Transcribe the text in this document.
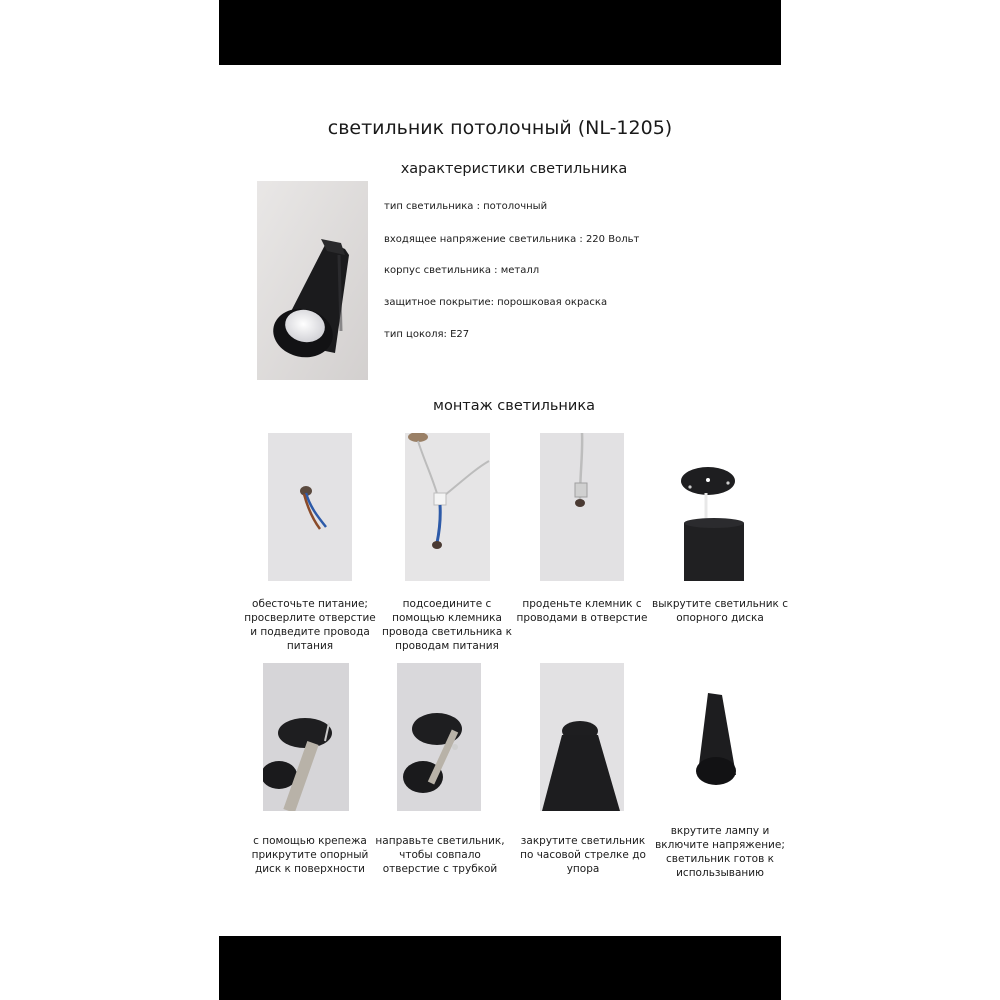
светильник потолочный (NL-1205)
характеристики светильника
тип светильника : потолочный
входящее напряжение светильника : 220 Вольт
корпус светильника : металл
защитное покрытие: порошковая окраска
тип цоколя: Е27
монтаж светильника
обесточьте питание; просверлите отверстие и подведите провода питания
подсоедините с помощью клемника провода светильника к проводам питания
проденьте клемник с проводами в отверстие
выкрутите светильник с опорного диска
с помощью крепежа прикрутите опорный диск к поверхности
направьте светильник, чтобы совпало отверстие с трубкой
закрутите светильник по часовой стрелке до упора
вкрутите лампу и включите напряжение; светильник готов к использыванию
